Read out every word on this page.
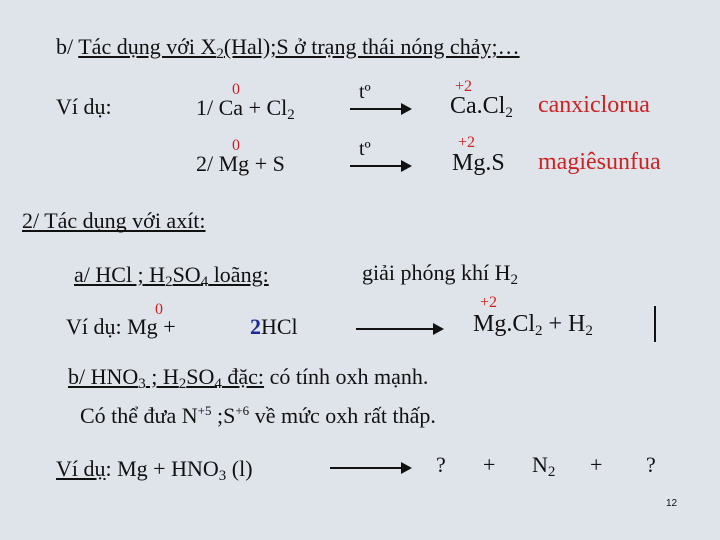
b/ Tác dụng với $X_2(Hal);S$ ở trạng thái nóng chảy;…
Ví dụ:
0
1/ $Ca + Cl_2$
tº	+2
$Ca.Cl_2$ canxiclorua
0
2/ Mg + S
tº	+2
Mg.S magiêsunfua
2/ Tác dụng với axít:
a/ HCl ; $H_2SO_4$ loãng:	giải phóng khí $H_2$
0
Ví dụ: Mg +	2HCl
+2
$Mg.Cl_2 + H_2$
b/ $HNO_3$ ; $H_2SO_4$ đặc: có tính oxh mạnh.
Có thể đưa $N^{+5}$ $;S^{+6}$ về mức oxh rất thấp.
Ví dụ: $Mg + HNO_3$ (l)	? + $N_2$ + ?
12
